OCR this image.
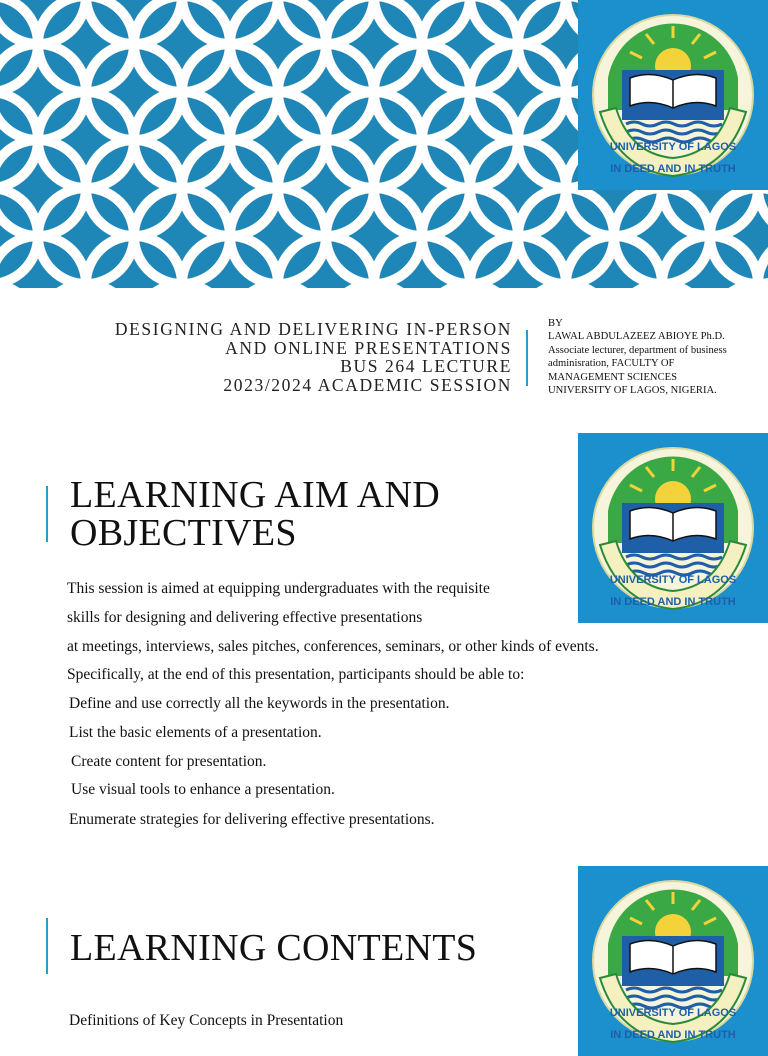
UNIVERSITY OF LAGOS
IN DEED AND IN TRUTH
DESIGNING AND DELIVERING IN-PERSON
AND ONLINE PRESENTATIONS
BUS 264 LECTURE
2023/2024 ACADEMIC SESSION
BY
LAWAL ABDULAZEEZ ABIOYE Ph.D.
Associate lecturer, department of business
adminisration, FACULTY OF
MANAGEMENT SCIENCES
UNIVERSITY OF LAGOS, NIGERIA.
UNIVERSITY OF LAGOS
IN DEED AND IN TRUTH
LEARNING AIM AND
OBJECTIVES
This session is aimed at equipping undergraduates with the requisite
skills for designing and delivering effective presentations
at meetings, interviews, sales pitches, conferences, seminars, or other kinds of events.
Specifically, at the end of this presentation, participants should be able to:
Define and use correctly all the keywords in the presentation.
List the basic elements of a presentation.
Create content for presentation.
Use visual tools to enhance a presentation.
Enumerate strategies for delivering effective presentations.
UNIVERSITY OF LAGOS
IN DEED AND IN TRUTH
LEARNING CONTENTS
Definitions of Key Concepts in Presentation
